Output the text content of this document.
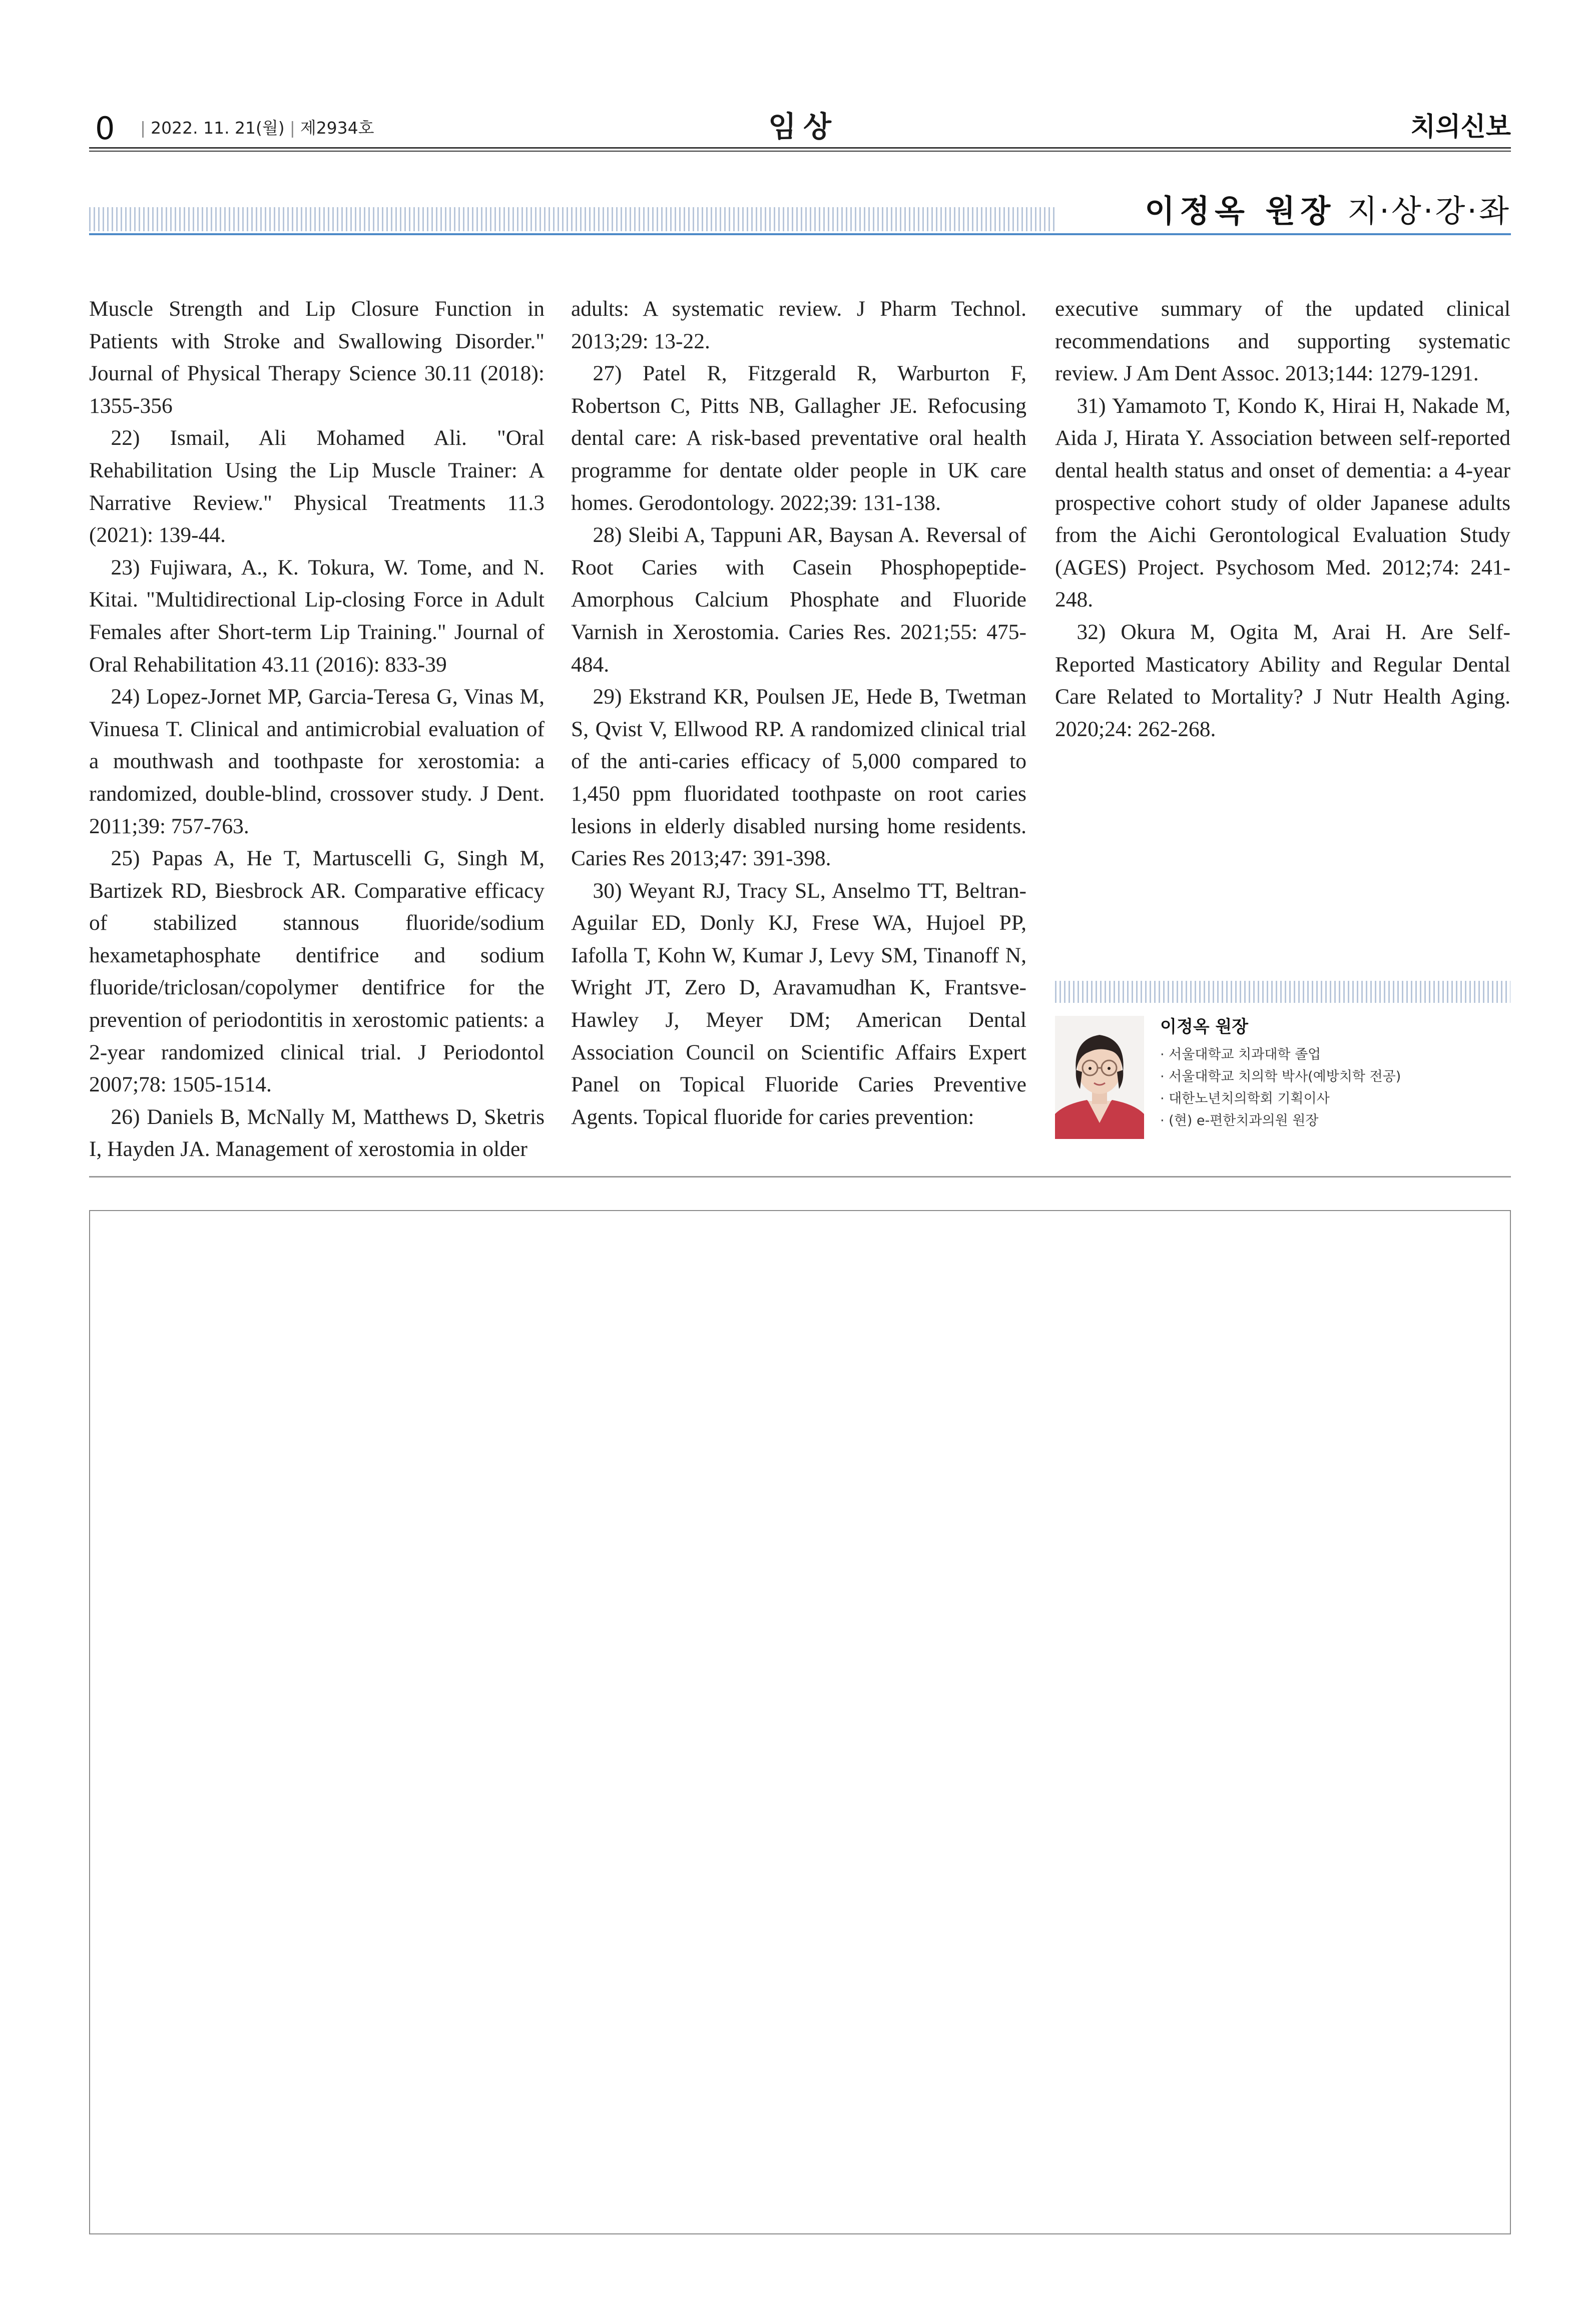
0	| 2022. 11. 21(월) | 제2934호	임상	치의신보
이정옥 원장 지·상·강·좌

Muscle Strength and Lip Closure Function in Patients with Stroke and Swallowing Disorder." Journal of Physical Therapy Science 30.11 (2018): 1355-356

22) Ismail, Ali Mohamed Ali. "Oral Rehabilitation Using the Lip Muscle Trainer: A Narrative Review." Physical Treatments 11.3 (2021): 139-44.

23) Fujiwara, A., K. Tokura, W. Tome, and N. Kitai. "Multidirectional Lip-closing Force in Adult Females after Short-term Lip Training." Journal of Oral Rehabilitation 43.11 (2016): 833-39

24) Lopez-Jornet MP, Garcia-Teresa G, Vinas M, Vinuesa T. Clinical and antimicrobial evaluation of a mouthwash and toothpaste for xerostomia: a randomized, double-blind, crossover study. J Dent. 2011;39: 757-763.

25) Papas A, He T, Martuscelli G, Singh M, Bartizek RD, Biesbrock AR. Comparative efficacy of stabilized stannous fluoride/sodium hexametaphosphate dentifrice and sodium fluoride/triclosan/copolymer dentifrice for the prevention of periodontitis in xerostomic patients: a 2-year randomized clinical trial. J Periodontol 2007;78: 1505-1514.

26) Daniels B, McNally M, Matthews D, Sketris I, Hayden JA. Management of xerostomia in older

adults: A systematic review. J Pharm Technol. 2013;29: 13-22.

27) Patel R, Fitzgerald R, Warburton F, Robertson C, Pitts NB, Gallagher JE. Refocusing dental care: A risk-based preventative oral health programme for dentate older people in UK care homes. Gerodontology. 2022;39: 131-138.

28) Sleibi A, Tappuni AR, Baysan A. Reversal of Root Caries with Casein Phosphopeptide-Amorphous Calcium Phosphate and Fluoride Varnish in Xerostomia. Caries Res. 2021;55: 475-484.

29) Ekstrand KR, Poulsen JE, Hede B, Twetman S, Qvist V, Ellwood RP. A randomized clinical trial of the anti-caries efficacy of 5,000 compared to 1,450 ppm fluoridated toothpaste on root caries lesions in elderly disabled nursing home residents. Caries Res 2013;47: 391-398.

30) Weyant RJ, Tracy SL, Anselmo TT, Beltran-Aguilar ED, Donly KJ, Frese WA, Hujoel PP, Iafolla T, Kohn W, Kumar J, Levy SM, Tinanoff N, Wright JT, Zero D, Aravamudhan K, Frantsve-Hawley J, Meyer DM; American Dental Association Council on Scientific Affairs Expert Panel on Topical Fluoride Caries Preventive Agents. Topical fluoride for caries prevention:

executive summary of the updated clinical recommendations and supporting systematic review. J Am Dent Assoc. 2013;144: 1279-1291.

31) Yamamoto T, Kondo K, Hirai H, Nakade M, Aida J, Hirata Y. Association between self-reported dental health status and onset of dementia: a 4-year prospective cohort study of older Japanese adults from the Aichi Gerontological Evaluation Study (AGES) Project. Psychosom Med. 2012;74: 241-248.

32) Okura M, Ogita M, Arai H. Are Self-Reported Masticatory Ability and Regular Dental Care Related to Mortality? J Nutr Health Aging. 2020;24: 262-268.

이정옥 원장
· 서울대학교 치과대학 졸업
· 서울대학교 치의학 박사(예방치학 전공)
· 대한노년치의학회 기획이사
· (현) e-편한치과의원 원장
